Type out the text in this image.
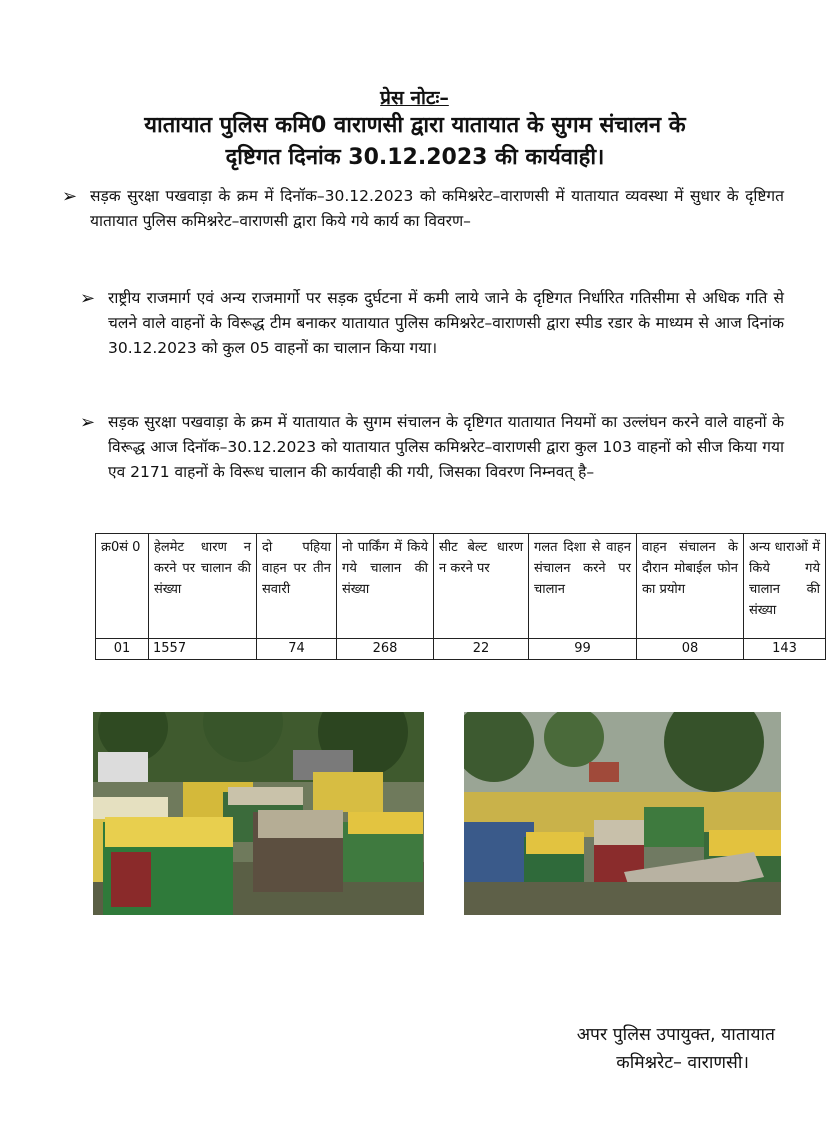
प्रेस नोटः–
यातायात पुलिस कमि0 वाराणसी द्वारा यातायात के सुगम संचालन के
दृष्टिगत दिनांक 30.12.2023 की कार्यवाही।
➢ सड़क सुरक्षा पखवाड़ा के क्रम में दिनॉक–30.12.2023 को कमिश्नरेट–वाराणसी में यातायात व्यवस्था में सुधार के दृष्टिगत यातायात पुलिस कमिश्नरेट–वाराणसी द्वारा किये गये कार्य का विवरण–
➢ राष्ट्रीय राजमार्ग एवं अन्य राजमार्गो पर सड़क दुर्घटना में कमी लाये जाने के दृष्टिगत निर्धारित गतिसीमा से अधिक गति से चलने वाले वाहनों के विरूद्ध टीम बनाकर यातायात पुलिस कमिश्नरेट–वाराणसी द्वारा स्पीड रडार के माध्यम से आज दिनांक 30.12.2023 को कुल 05 वाहनों का चालान किया गया।
➢ सड़क सुरक्षा पखवाड़ा के क्रम में यातायात के सुगम संचालन के दृष्टिगत यातायात नियमों का उल्लंघन करने वाले वाहनों के विरूद्ध आज दिनॉक–30.12.2023 को यातायात पुलिस कमिश्नरेट–वाराणसी द्वारा कुल 103 वाहनों को सीज किया गया एव 2171 वाहनों के विरूध चालान की कार्यवाही की गयी, जिसका विवरण निम्नवत् है–
क्र0सं 0	हेलमेट धारण न करने पर चालान की संख्या	दो पहिया वाहन पर तीन सवारी	नो पार्किंग में किये गये चालान की संख्या	सीट बेल्ट धारण न करने पर	गलत दिशा से वाहन संचालन करने पर चालान	वाहन संचालन के दौरान मोबाईल फोन का प्रयोग	अन्य धाराओं में किये गये चालान की संख्या
01	1557	74	268	22	99	08	143
अपर पुलिस उपायुक्त, यातायात
कमिश्नरेट– वाराणसी।
